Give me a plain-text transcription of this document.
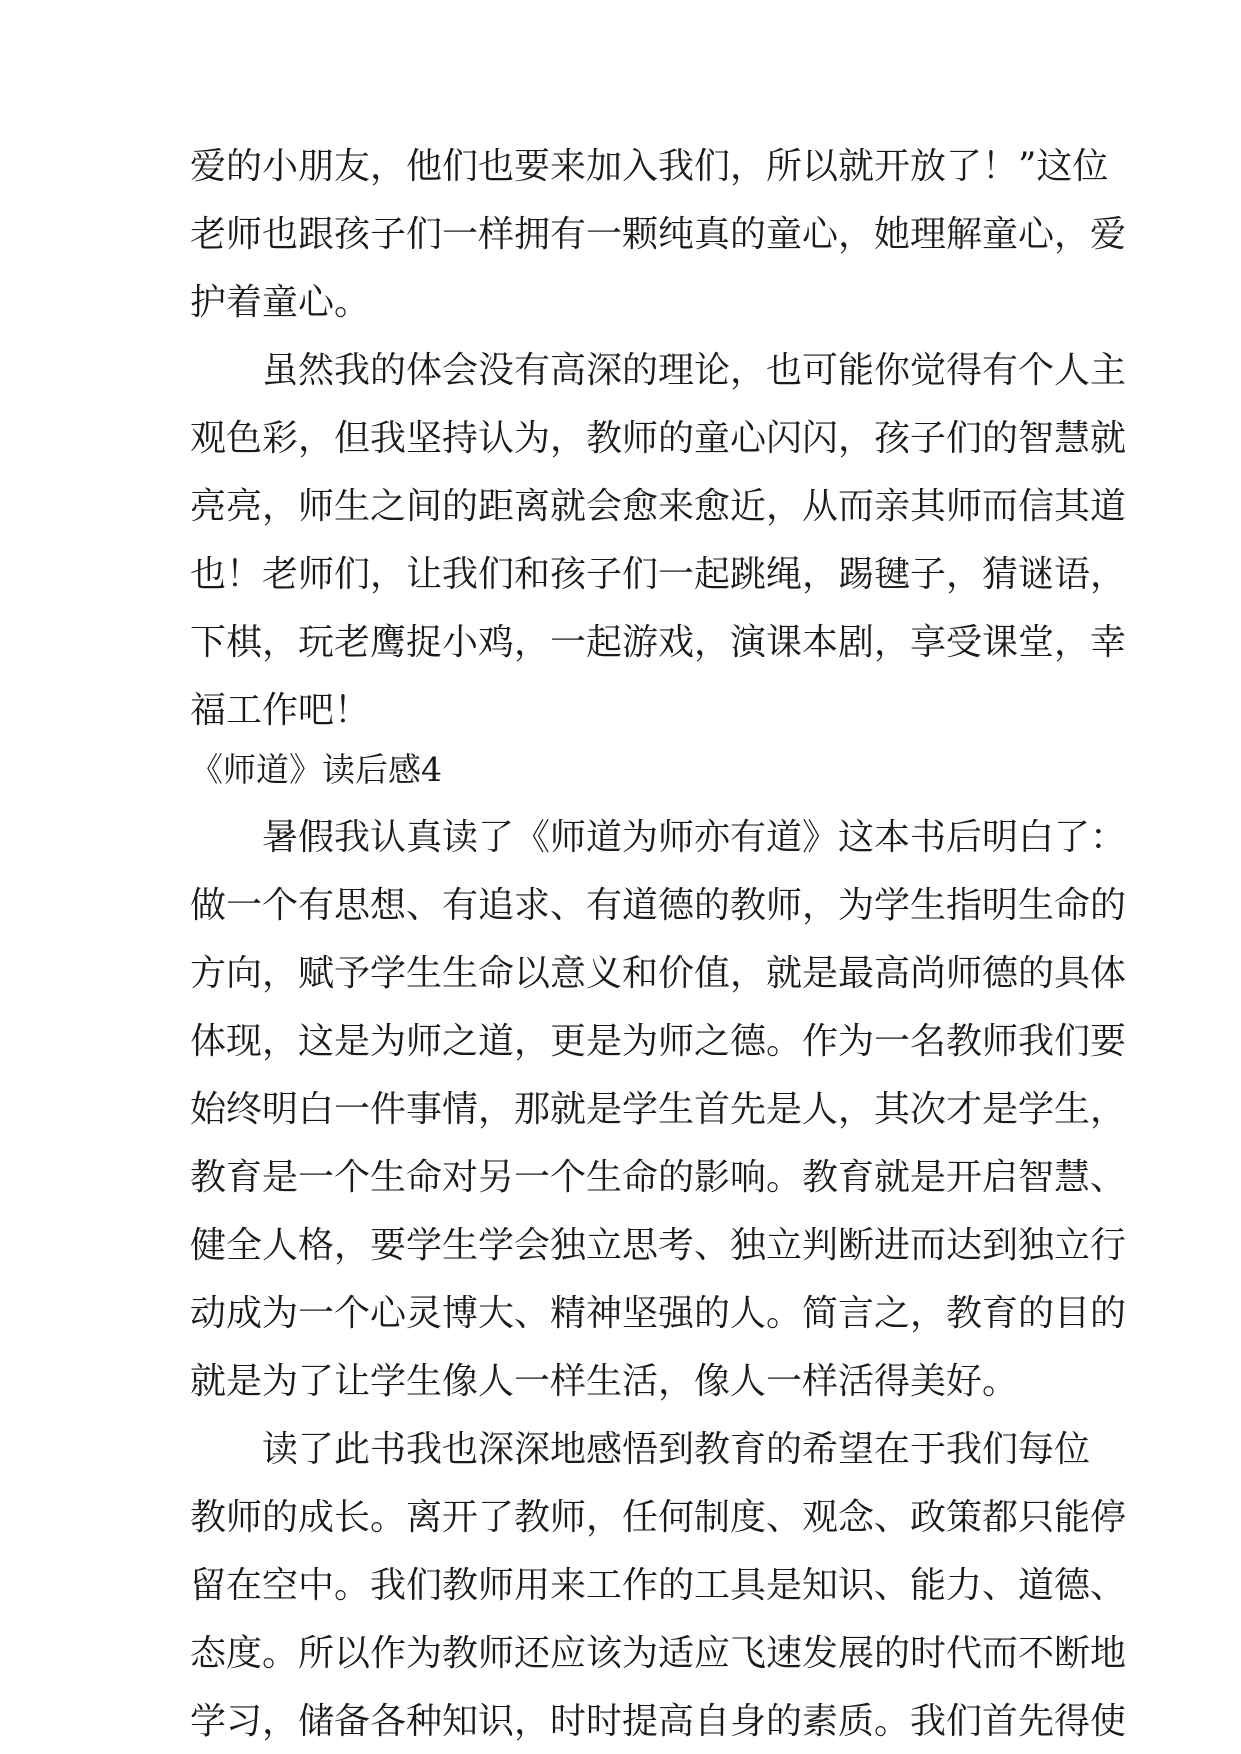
爱的小朋友，他们也要来加入我们，所以就开放了！”这位
老师也跟孩子们一样拥有一颗纯真的童心，她理解童心，爱
护着童心。
虽然我的体会没有高深的理论，也可能你觉得有个人主
观色彩，但我坚持认为，教师的童心闪闪，孩子们的智慧就
亮亮，师生之间的距离就会愈来愈近，从而亲其师而信其道
也！老师们，让我们和孩子们一起跳绳，踢毽子，猜谜语，
下棋，玩老鹰捉小鸡，一起游戏，演课本剧，享受课堂，幸
福工作吧！
《师道》读后感4
暑假我认真读了《师道为师亦有道》这本书后明白了：
做一个有思想、有追求、有道德的教师，为学生指明生命的
方向，赋予学生生命以意义和价值，就是最高尚师德的具体
体现，这是为师之道，更是为师之德。作为一名教师我们要
始终明白一件事情，那就是学生首先是人，其次才是学生，
教育是一个生命对另一个生命的影响。教育就是开启智慧、
健全人格，要学生学会独立思考、独立判断进而达到独立行
动成为一个心灵博大、精神坚强的人。简言之，教育的目的
就是为了让学生像人一样生活，像人一样活得美好。
读了此书我也深深地感悟到教育的希望在于我们每位
教师的成长。离开了教师，任何制度、观念、政策都只能停
留在空中。我们教师用来工作的工具是知识、能力、道德、
态度。所以作为教师还应该为适应飞速发展的时代而不断地
学习，储备各种知识，时时提高自身的素质。我们首先得使
